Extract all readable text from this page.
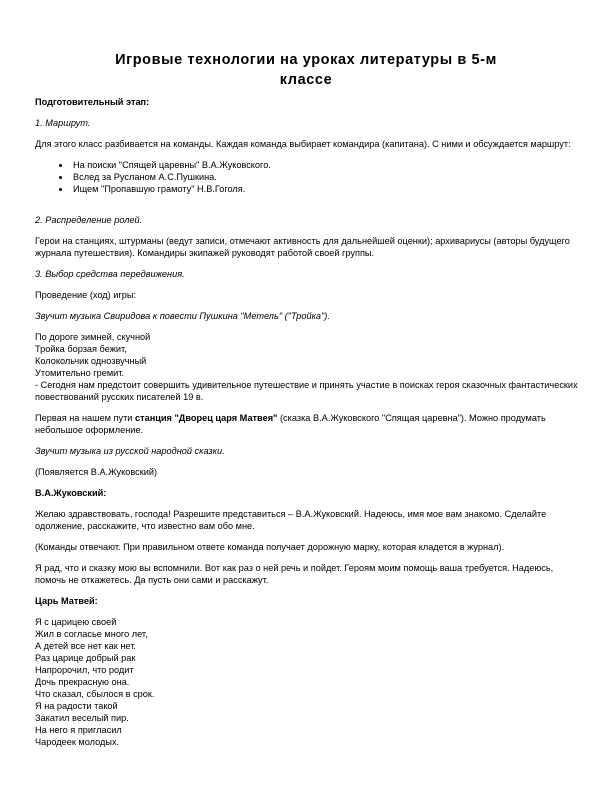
Игровые технологии на уроках литературы в 5-м
классе

Подготовительный этап:

1. Маршрут.

Для этого класс разбивается на команды. Каждая команда выбирает командира (капитана). С ними и обсуждается маршрут:

• На поиски "Спящей царевны" В.А.Жуковского.
• Вслед за Русланом А.С.Пушкина.
• Ищем "Пропавшую грамоту" Н.В.Гоголя.

2. Распределение ролей.

Герои на станциях, штурманы (ведут записи, отмечают активность для дальнейшей оценки); архивариусы (авторы будущего журнала путешествия). Командиры экипажей руководят работой своей группы.

3. Выбор средства передвижения.

Проведение (ход) игры:

Звучит музыка Свиридова к повести Пушкина "Метель" ("Тройка").

По дороге зимней, скучной
Тройка борзая бежит,
Колокольчик однозвучный
Утомительно гремит.
- Сегодня нам предстоит совершить удивительное путешествие и принять участие в поисках героя сказочных фантастических повествований русских писателей 19 в.

Первая на нашем пути станция "Дворец царя Матвея" (сказка В.А.Жуковского "Спящая царевна"). Можно продумать небольшое оформление.

Звучит музыка из русской народной сказки.

(Появляется В.А.Жуковский)

В.А.Жуковский:

Желаю здравствовать, господа! Разрешите представиться – В.А.Жуковский. Надеюсь, имя мое вам знакомо. Сделайте одолжение, расскажите, что известно вам обо мне.

(Команды отвечают. При правильном ответе команда получает дорожную марку, которая кладется в журнал).

Я рад, что и сказку мою вы вспомнили. Вот как раз о ней речь и пойдет. Героям моим помощь ваша требуется. Надеюсь, помочь не откажетесь. Да пусть они сами и расскажут.

Царь Матвей:

Я с царицею своей
Жил в согласье много лет,
А детей все нет как нет.
Раз царице добрый рак
Напророчил, что родит
Дочь прекрасную она.
Что сказал, сбылося в срок.
Я на радости такой
Закатил веселый пир.
На него я пригласил
Чародеек молодых.
